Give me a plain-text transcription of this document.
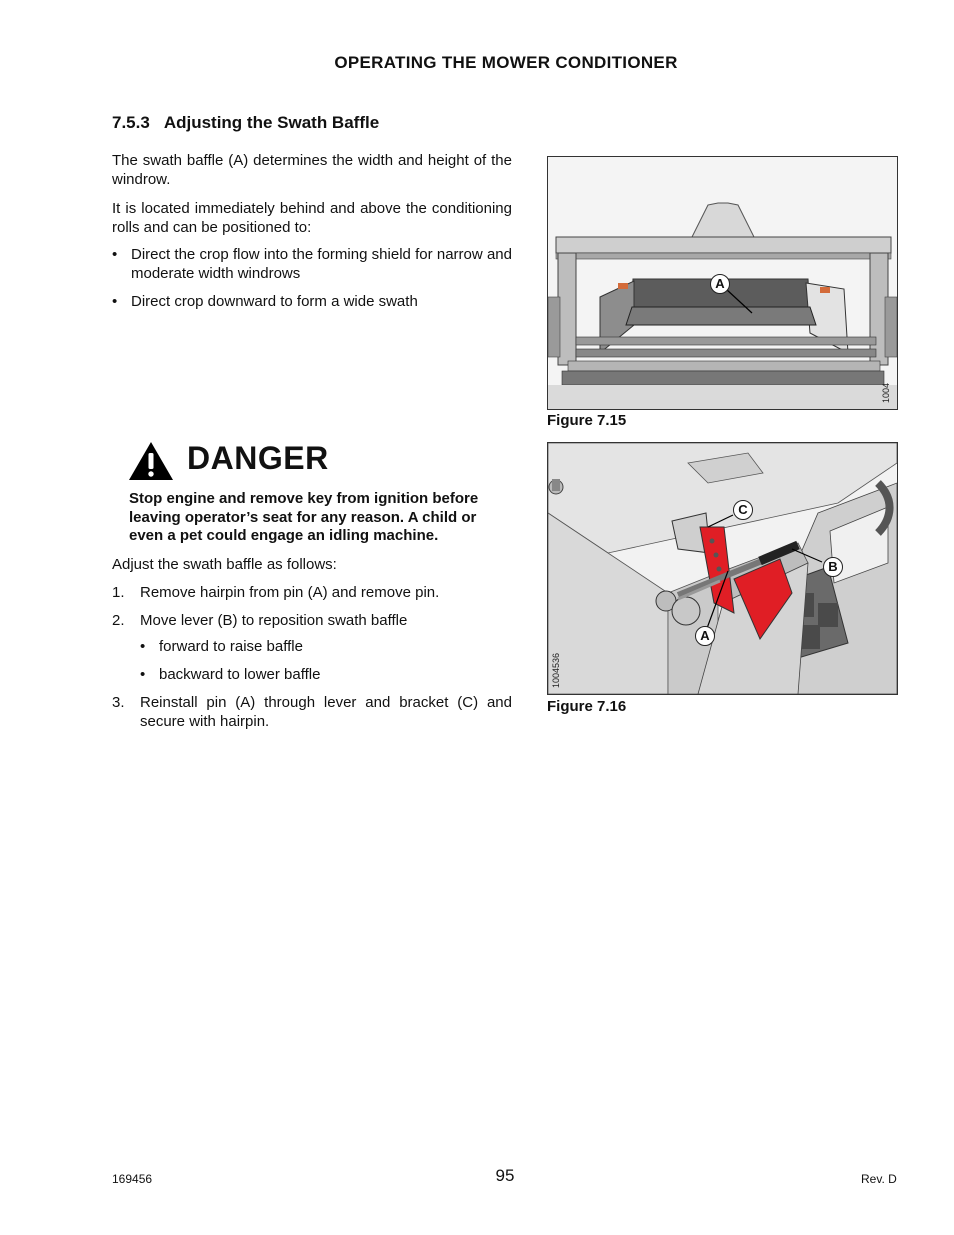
OPERATING THE MOWER CONDITIONER
7.5.3 Adjusting the Swath Baffle
The swath baffle (A) determines the width and height of the windrow.
It is located immediately behind and above the conditioning rolls and can be positioned to:
• Direct the crop flow into the forming shield for narrow and moderate width windrows
• Direct crop downward to form a wide swath
A
1004
Figure 7.15
DANGER
Stop engine and remove key from ignition before leaving operator’s seat for any reason. A child or even a pet could engage an idling machine.
Adjust the swath baffle as follows:
1. Remove hairpin from pin (A) and remove pin.
2. Move lever (B) to reposition swath baffle
• forward to raise baffle
• backward to lower baffle
3. Reinstall pin (A) through lever and bracket (C) and secure with hairpin.
C
B
A
1004536
Figure 7.16
169456	95	Rev. D
